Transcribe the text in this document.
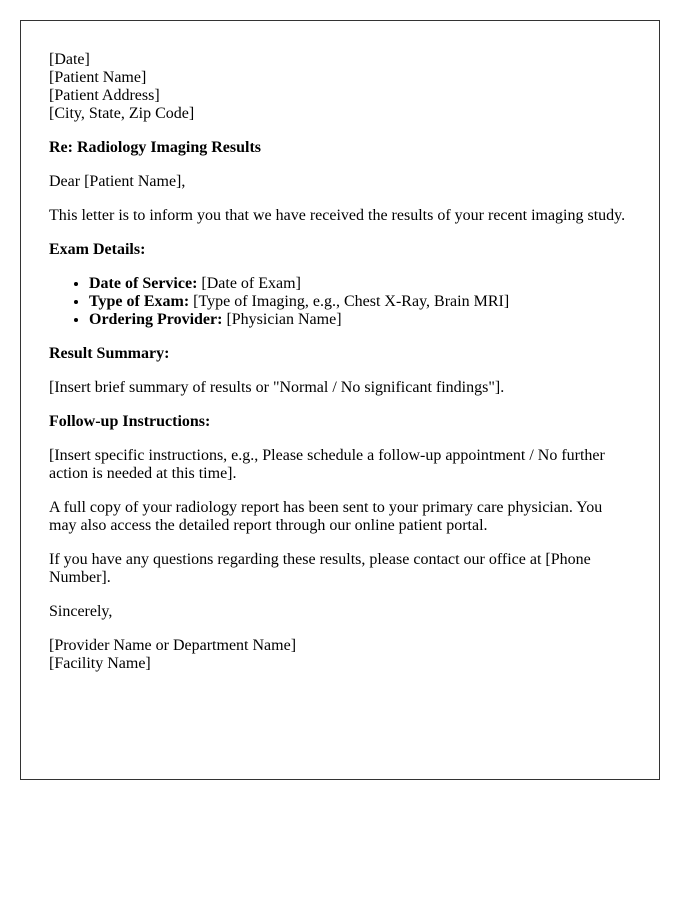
[Date]
[Patient Name]
[Patient Address]
[City, State, Zip Code]

Re: Radiology Imaging Results

Dear [Patient Name],

This letter is to inform you that we have received the results of your recent imaging study.

Exam Details:

• Date of Service: [Date of Exam]
• Type of Exam: [Type of Imaging, e.g., Chest X-Ray, Brain MRI]
• Ordering Provider: [Physician Name]

Result Summary:

[Insert brief summary of results or "Normal / No significant findings"].

Follow-up Instructions:

[Insert specific instructions, e.g., Please schedule a follow-up appointment / No further action is needed at this time].

A full copy of your radiology report has been sent to your primary care physician. You may also access the detailed report through our online patient portal.

If you have any questions regarding these results, please contact our office at [Phone Number].

Sincerely,

[Provider Name or Department Name]
[Facility Name]
